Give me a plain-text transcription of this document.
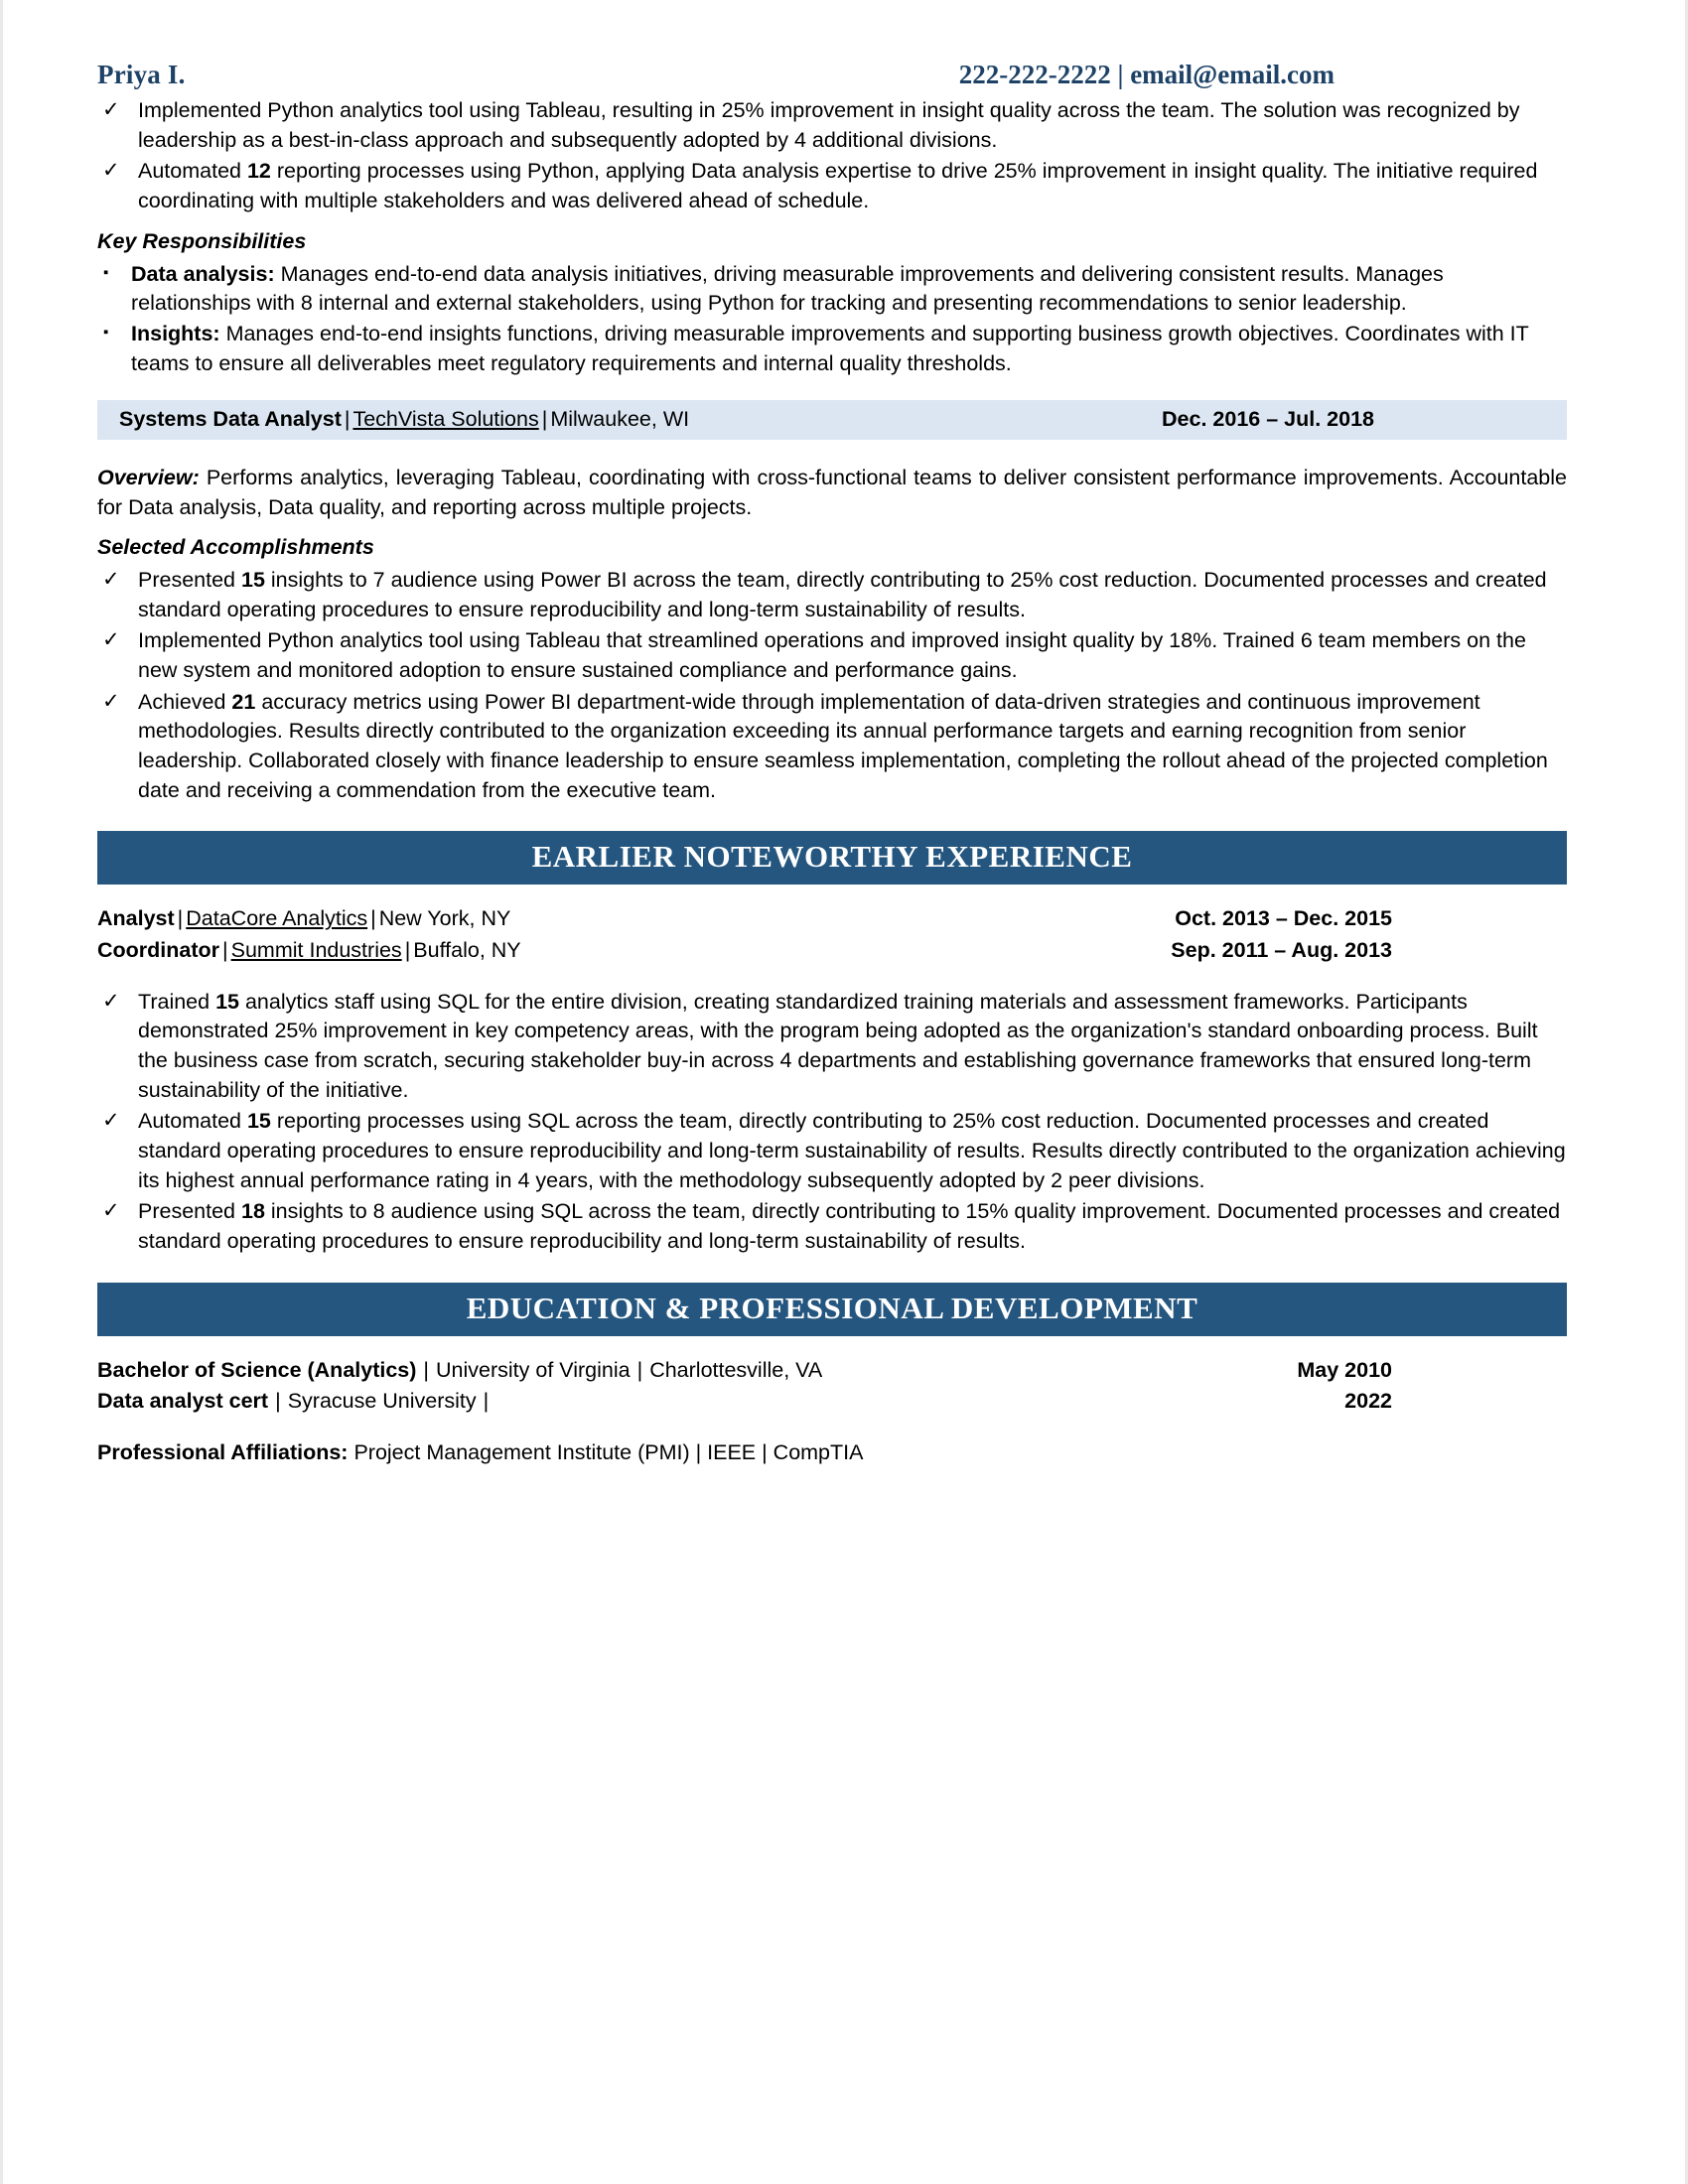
Priya I.	222-222-2222 | email@email.com
✓ Implemented Python analytics tool using Tableau, resulting in 25% improvement in insight quality across the team. The solution was recognized by leadership as a best-in-class approach and subsequently adopted by 4 additional divisions.
✓ Automated 12 reporting processes using Python, applying Data analysis expertise to drive 25% improvement in insight quality. The initiative required coordinating with multiple stakeholders and was delivered ahead of schedule.
Key Responsibilities
▪ Data analysis: Manages end-to-end data analysis initiatives, driving measurable improvements and delivering consistent results. Manages relationships with 8 internal and external stakeholders, using Python for tracking and presenting recommendations to senior leadership.
▪ Insights: Manages end-to-end insights functions, driving measurable improvements and supporting business growth objectives. Coordinates with IT teams to ensure all deliverables meet regulatory requirements and internal quality thresholds.
Systems Data Analyst | TechVista Solutions | Milwaukee, WI	Dec. 2016 – Jul. 2018

Overview: Performs analytics, leveraging Tableau, coordinating with cross-functional teams to deliver consistent performance improvements. Accountable for Data analysis, Data quality, and reporting across multiple projects.

Selected Accomplishments
✓ Presented 15 insights to 7 audience using Power BI across the team, directly contributing to 25% cost reduction. Documented processes and created standard operating procedures to ensure reproducibility and long-term sustainability of results.
✓ Implemented Python analytics tool using Tableau that streamlined operations and improved insight quality by 18%. Trained 6 team members on the new system and monitored adoption to ensure sustained compliance and performance gains.
✓ Achieved 21 accuracy metrics using Power BI department-wide through implementation of data-driven strategies and continuous improvement methodologies. Results directly contributed to the organization exceeding its annual performance targets and earning recognition from senior leadership. Collaborated closely with finance leadership to ensure seamless implementation, completing the rollout ahead of the projected completion date and receiving a commendation from the executive team.
EARLIER NOTEWORTHY EXPERIENCE
Analyst | DataCore Analytics | New York, NY	Oct. 2013 – Dec. 2015
Coordinator | Summit Industries | Buffalo, NY	Sep. 2011 – Aug. 2013
✓ Trained 15 analytics staff using SQL for the entire division, creating standardized training materials and assessment frameworks. Participants demonstrated 25% improvement in key competency areas, with the program being adopted as the organization's standard onboarding process. Built the business case from scratch, securing stakeholder buy-in across 4 departments and establishing governance frameworks that ensured long-term sustainability of the initiative.
✓ Automated 15 reporting processes using SQL across the team, directly contributing to 25% cost reduction. Documented processes and created standard operating procedures to ensure reproducibility and long-term sustainability of results. Results directly contributed to the organization achieving its highest annual performance rating in 4 years, with the methodology subsequently adopted by 2 peer divisions.
✓ Presented 18 insights to 8 audience using SQL across the team, directly contributing to 15% quality improvement. Documented processes and created standard operating procedures to ensure reproducibility and long-term sustainability of results.
EDUCATION & PROFESSIONAL DEVELOPMENT
Bachelor of Science (Analytics) | University of Virginia | Charlottesville, VA	May 2010
Data analyst cert | Syracuse University |	2022
Professional Affiliations: Project Management Institute (PMI) | IEEE | CompTIA
